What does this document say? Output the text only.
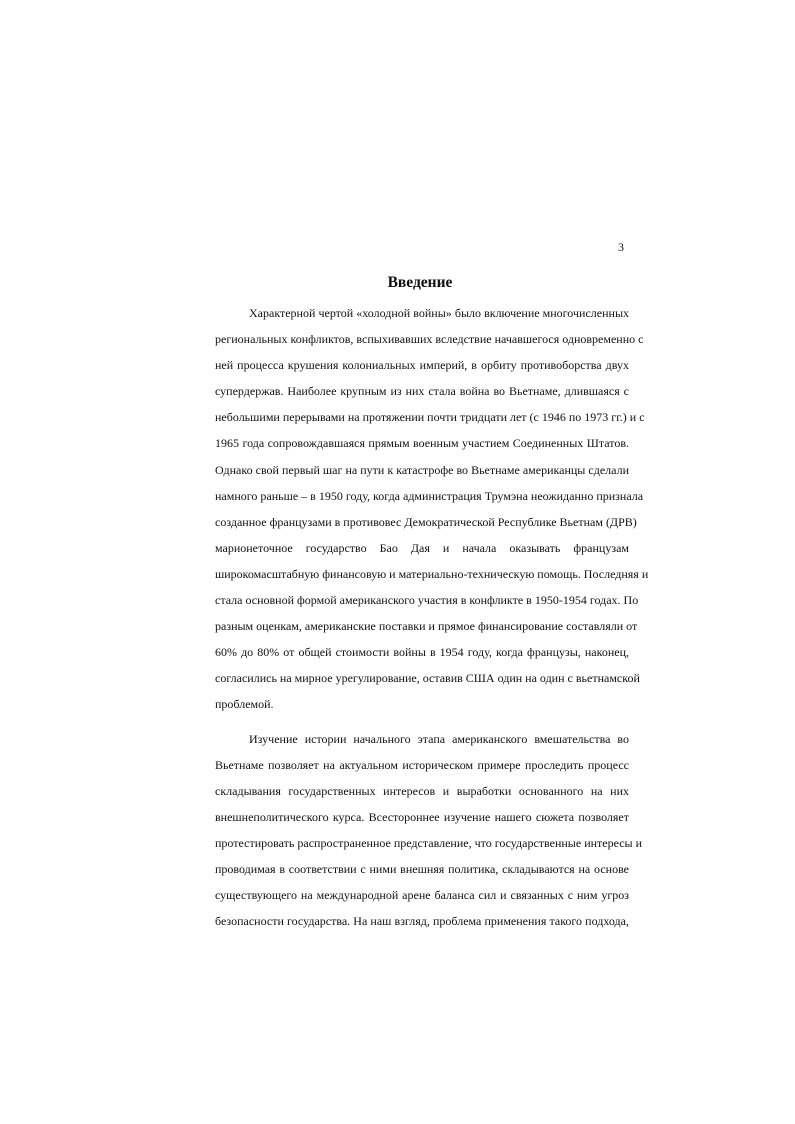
3
Введение
Характерной чертой «холодной войны» было включение многочисленных
региональных конфликтов, вспыхивавших вследствие начавшегося одновременно с
ней процесса крушения колониальных империй, в орбиту противоборства двух
супердержав. Наиболее крупным из них стала война во Вьетнаме, длившаяся с
небольшими перерывами на протяжении почти тридцати лет (с 1946 по 1973 гг.) и с
1965 года сопровождавшаяся прямым военным участием Соединенных Штатов.
Однако свой первый шаг на пути к катастрофе во Вьетнаме американцы сделали
намного раньше – в 1950 году, когда администрация Трумэна неожиданно признала
созданное французами в противовес Демократической Республике Вьетнам (ДРВ)
марионеточное государство Бао Дая и начала оказывать французам
широкомасштабную финансовую и материально-техническую помощь. Последняя и
стала основной формой американского участия в конфликте в 1950-1954 годах. По
разным оценкам, американские поставки и прямое финансирование составляли от
60% до 80% от общей стоимости войны в 1954 году, когда французы, наконец,
согласились на мирное урегулирование, оставив США один на один с вьетнамской
проблемой.
Изучение истории начального этапа американского вмешательства во
Вьетнаме позволяет на актуальном историческом примере проследить процесс
складывания государственных интересов и выработки основанного на них
внешнеполитического курса. Всестороннее изучение нашего сюжета позволяет
протестировать распространенное представление, что государственные интересы и
проводимая в соответствии с ними внешняя политика, складываются на основе
существующего на международной арене баланса сил и связанных с ним угроз
безопасности государства. На наш взгляд, проблема применения такого подхода,
